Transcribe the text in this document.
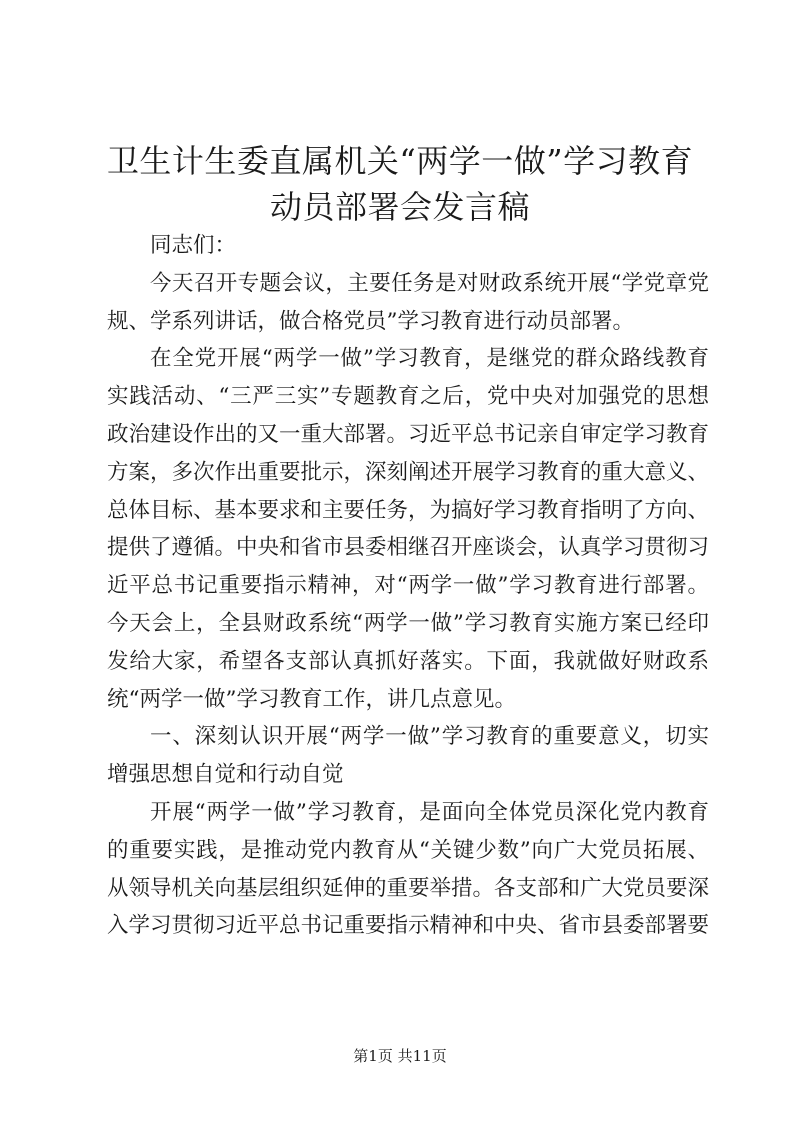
卫生计生委直属机关“两学一做”学习教育动员部署会发言稿

同志们：

今天召开专题会议，主要任务是对财政系统开展“学党章党规、学系列讲话，做合格党员”学习教育进行动员部署。

在全党开展“两学一做”学习教育，是继党的群众路线教育实践活动、“三严三实”专题教育之后，党中央对加强党的思想政治建设作出的又一重大部署。习近平总书记亲自审定学习教育方案，多次作出重要批示，深刻阐述开展学习教育的重大意义、总体目标、基本要求和主要任务，为搞好学习教育指明了方向、提供了遵循。中央和省市县委相继召开座谈会，认真学习贯彻习近平总书记重要指示精神，对“两学一做”学习教育进行部署。今天会上，全县财政系统“两学一做”学习教育实施方案已经印发给大家，希望各支部认真抓好落实。下面，我就做好财政系统“两学一做”学习教育工作，讲几点意见。

一、深刻认识开展“两学一做”学习教育的重要意义，切实增强思想自觉和行动自觉

开展“两学一做”学习教育，是面向全体党员深化党内教育的重要实践，是推动党内教育从“关键少数”向广大党员拓展、从领导机关向基层组织延伸的重要举措。各支部和广大党员要深入学习贯彻习近平总书记重要指示精神和中央、省市县委部署要

第1页 共11页
